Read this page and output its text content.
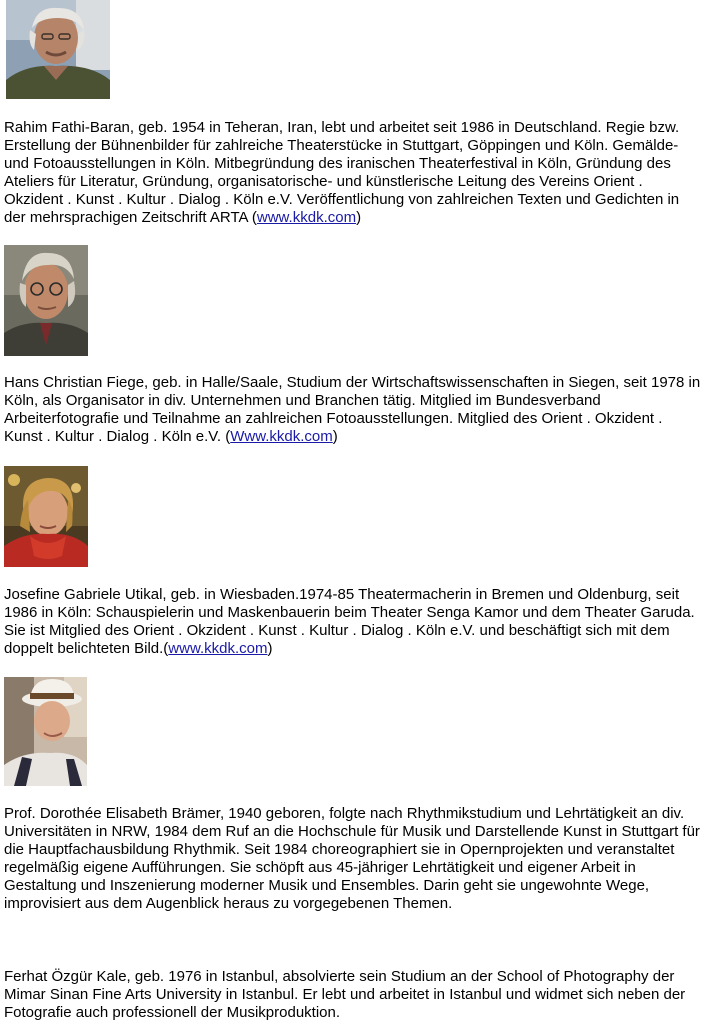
Rahim Fathi-Baran, geb. 1954 in Teheran, Iran, lebt und arbeitet seit 1986 in Deutschland. Regie bzw. Erstellung der Bühnenbilder für zahlreiche Theaterstücke in Stuttgart, Göppingen und Köln. Gemälde- und Fotoausstellungen in Köln. Mitbegründung des iranischen Theaterfestival in Köln, Gründung des Ateliers für Literatur, Gründung, organisatorische- und künstlerische Leitung des Vereins Orient . Okzident . Kunst . Kultur . Dialog . Köln e.V. Veröffentlichung von zahlreichen Texten und Gedichten in der mehrsprachigen Zeitschrift ARTA (www.kkdk.com)

Hans Christian Fiege, geb. in Halle/Saale, Studium der Wirtschaftswissenschaften in Siegen, seit 1978 in Köln, als Organisator in div. Unternehmen und Branchen tätig. Mitglied im Bundesverband Arbeiterfotografie und Teilnahme an zahlreichen Fotoausstellungen. Mitglied des Orient . Okzident . Kunst . Kultur . Dialog . Köln e.V. (Www.kkdk.com)

Josefine Gabriele Utikal, geb. in Wiesbaden.1974-85 Theatermacherin in Bremen und Oldenburg, seit 1986 in Köln: Schauspielerin und Maskenbauerin beim Theater Senga Kamor und dem Theater Garuda. Sie ist Mitglied des Orient . Okzident . Kunst . Kultur . Dialog . Köln e.V. und beschäftigt sich mit dem doppelt belichteten Bild.(www.kkdk.com)

Prof. Dorothée Elisabeth Brämer, 1940 geboren, folgte nach Rhythmikstudium und Lehrtätigkeit an div. Universitäten in NRW, 1984 dem Ruf an die Hochschule für Musik und Darstellende Kunst in Stuttgart für die Hauptfachausbildung Rhythmik. Seit 1984 choreographiert sie in Opernprojekten und veranstaltet regelmäßig eigene Aufführungen. Sie schöpft aus 45-jähriger Lehrtätigkeit und eigener Arbeit in Gestaltung und Inszenierung moderner Musik und Ensembles. Darin geht sie ungewohnte Wege, improvisiert aus dem Augenblick heraus zu vorgegebenen Themen.

Ferhat Özgür Kale, geb. 1976 in Istanbul, absolvierte sein Studium an der School of Photography der Mimar Sinan Fine Arts University in Istanbul. Er lebt und arbeitet in Istanbul und widmet sich neben der Fotografie auch professionell der Musikproduktion.
